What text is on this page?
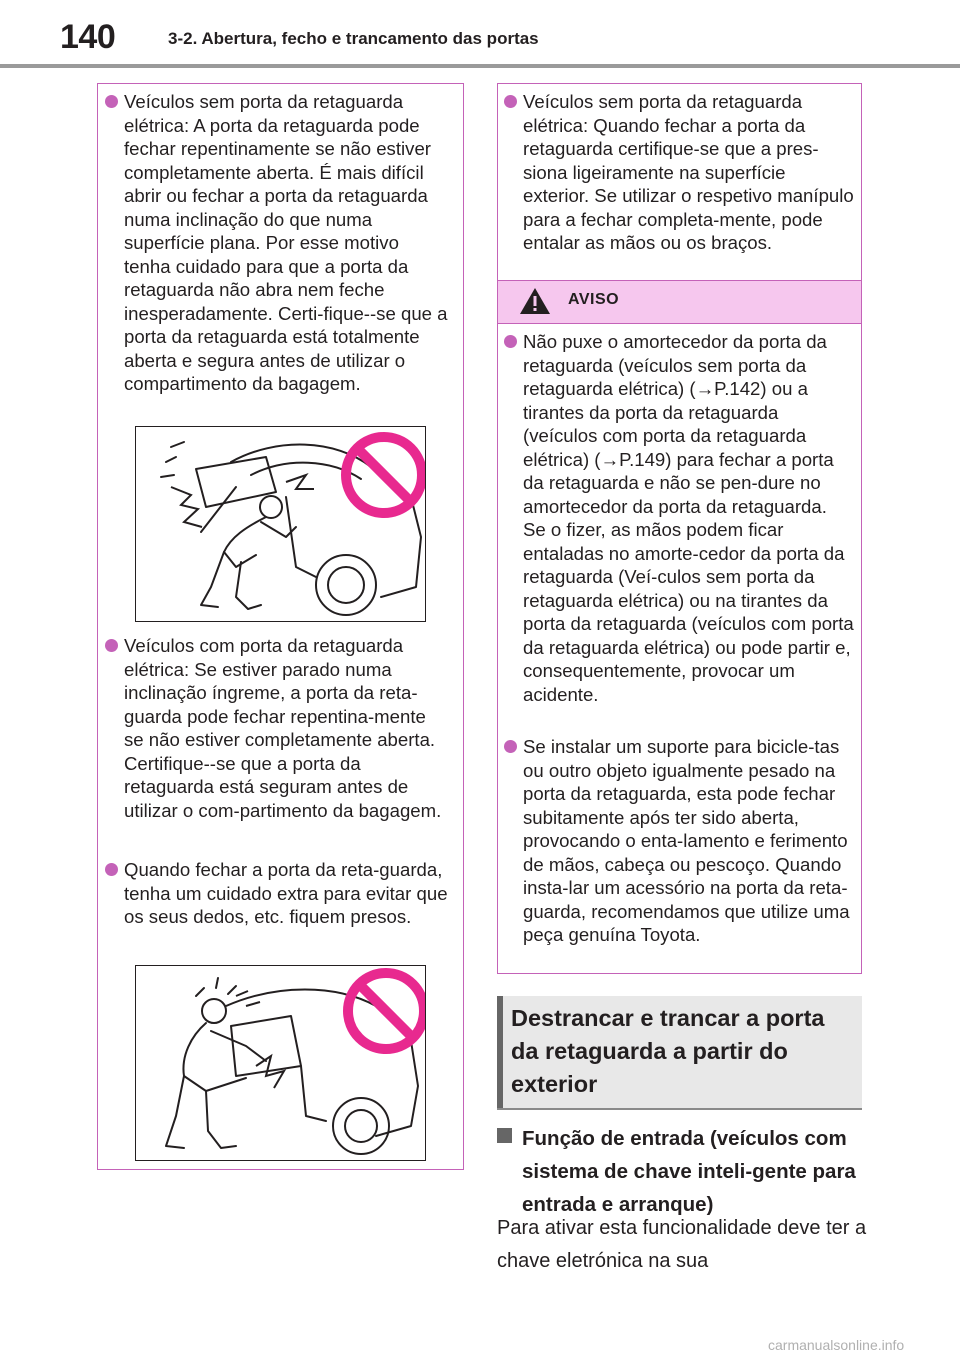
140	3-2. Abertura, fecho e trancamento das portas
Veículos sem porta da retaguarda elétrica: A porta da retaguarda pode fechar repentinamente se não estiver completamente aberta. É mais difícil abrir ou fechar a porta da retaguarda numa inclinação do que numa superfície plana. Por esse motivo tenha cuidado para que a porta da retaguarda não abra nem feche inesperadamente. Certi-fique--se que a porta da retaguarda está totalmente aberta e segura antes de utilizar o compartimento da bagagem.
Veículos com porta da retaguarda elétrica: Se estiver parado numa inclinação íngreme, a porta da reta-guarda pode fechar repentina-mente se não estiver completamente aberta. Certifique--se que a porta da retaguarda está seguram antes de utilizar o com-partimento da bagagem.
Quando fechar a porta da reta-guarda, tenha um cuidado extra para evitar que os seus dedos, etc. fiquem presos.
Veículos sem porta da retaguarda elétrica: Quando fechar a porta da retaguarda certifique-se que a pres-siona ligeiramente na superfície exterior. Se utilizar o respetivo manípulo para a fechar completa-mente, pode entalar as mãos ou os braços.
AVISO
Não puxe o amortecedor da porta da retaguarda (veículos sem porta da retaguarda elétrica) (→P.142) ou a tirantes da porta da retaguarda (veículos com porta da retaguarda elétrica) (→P.149) para fechar a porta da retaguarda e não se pen-dure no amortecedor da porta da retaguarda. Se o fizer, as mãos podem ficar entaladas no amorte-cedor da porta da retaguarda (Veí-culos sem porta da retaguarda elétrica) ou na tirantes da porta da retaguarda (veículos com porta da retaguarda elétrica) ou pode partir e, consequentemente, provocar um acidente.
Se instalar um suporte para bicicle-tas ou outro objeto igualmente pesado na porta da retaguarda, esta pode fechar subitamente após ter sido aberta, provocando o enta-lamento e ferimento de mãos, cabeça ou pescoço. Quando insta-lar um acessório na porta da reta-guarda, recomendamos que utilize uma peça genuína Toyota.
Destrancar e trancar a porta da retaguarda a partir do exterior
Função de entrada (veículos com sistema de chave inteli-gente para entrada e arranque)
Para ativar esta funcionalidade deve ter a chave eletrónica na sua
carmanualsonline.info
